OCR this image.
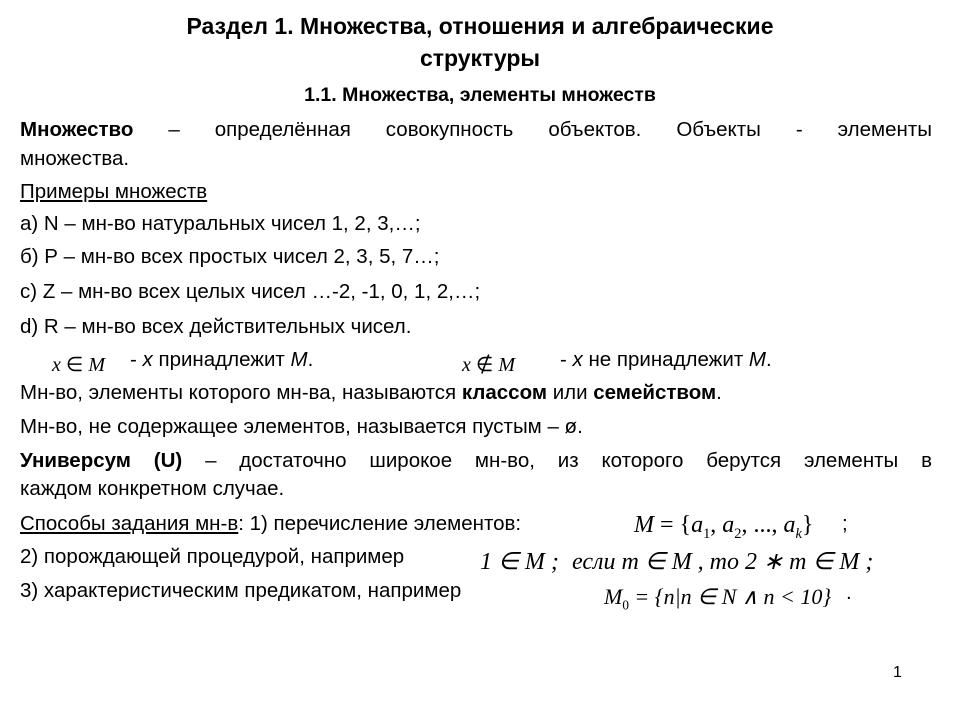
Раздел 1. Множества, отношения и алгебраические
структуры
1.1. Множества, элементы множеств
Множество – определённая совокупность объектов. Объекты - элементы
множества.
Примеры множеств
а) N – мн-во натуральных чисел 1, 2, 3,…;
б) Р – мн-во всех простых чисел 2, 3, 5, 7…;
c) Z – мн-во всех целых чисел …-2, -1, 0, 1, 2,…;
d) R – мн-во всех действительных чисел.
x ∈ M - x принадлежит M.	x ∉ M - x не принадлежит M.
Мн-во, элементы которого мн-ва, называются классом или семейством.
Мн-во, не содержащее элементов, называется пустым – ø.
Универсум (U) – достаточно широкое мн-во, из которого берутся элементы в
каждом конкретном случае.
Способы задания мн-в: 1) перечисление элементов:	$M = \{a_1$, $a_2$, ..., $a_k$} ;
2) порождающей процедурой, например	1 ∈ M ; если m ∈ M , то 2 ∗ m ∈ M ;
3) характеристическим предикатом, например	$M_0 = \{n|n$ ∈ N ∧ n < 10} .
1
